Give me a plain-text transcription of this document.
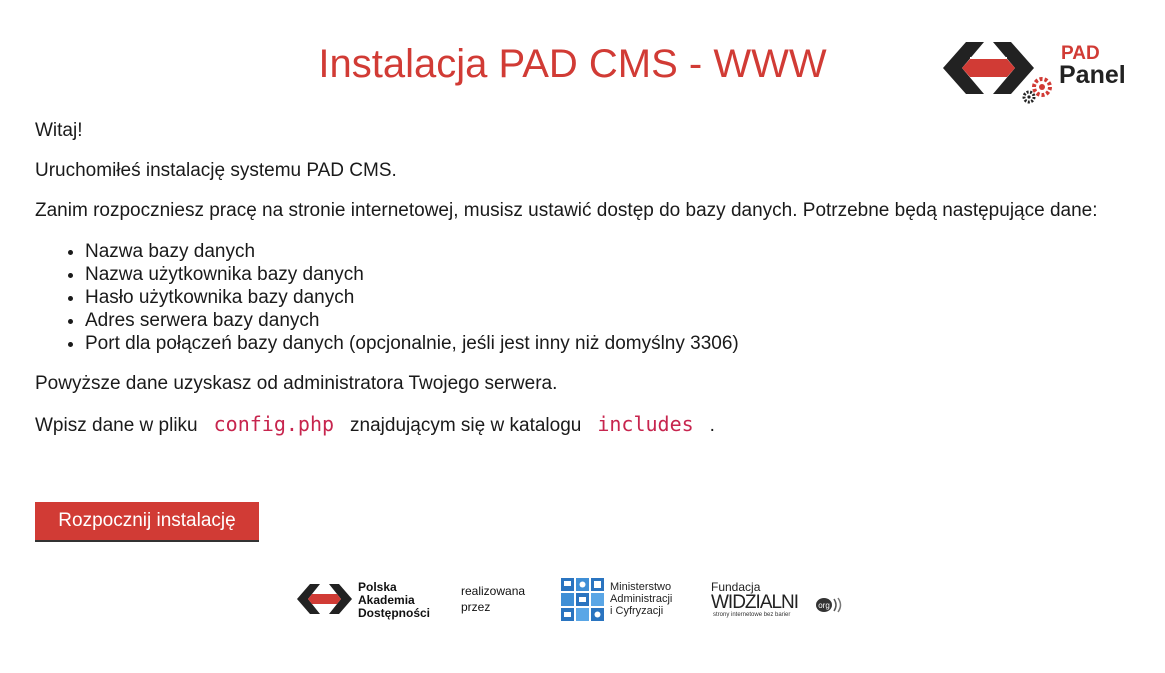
Instalacja PAD CMS - WWW	PAD
Panel

Witaj!

Uruchomiłeś instalację systemu PAD CMS.

Zanim rozpoczniesz pracę na stronie internetowej, musisz ustawić dostęp do bazy danych. Potrzebne będą następujące dane:

• Nazwa bazy danych
• Nazwa użytkownika bazy danych
• Hasło użytkownika bazy danych
• Adres serwera bazy danych
• Port dla połączeń bazy danych (opcjonalnie, jeśli jest inny niż domyślny 3306)

Powyższe dane uzyskasz od administratora Twojego serwera.

Wpisz dane w pliku config.php znajdującym się w katalogu includes .

Rozpocznij instalację
Polska
Akademia
Dostępności
realizowana
przez
Ministerstwo
Administracji
i Cyfryzacji
Fundacja
WIDZIALNI	org
strony internetowe bez barier
